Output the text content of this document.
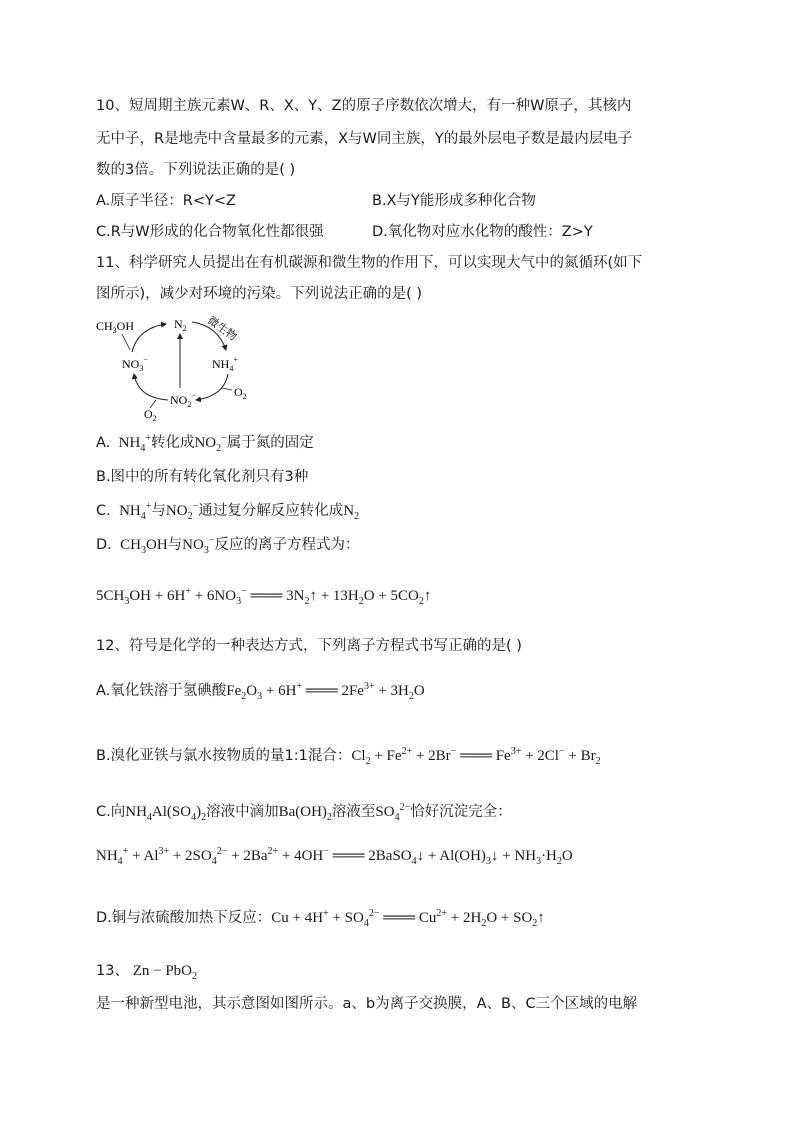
10、短周期主族元素W、R、X、Y、Z的原子序数依次增大，有一种W原子，其核内
无中子，R是地壳中含量最多的元素，X与W同主族，Y的最外层电子数是最内层电子
数的3倍。下列说法正确的是( )
A.原子半径：R<Y<Z	B.X与Y能形成多种化合物
C.R与W形成的化合物氧化性都很强	D.氧化物对应水化物的酸性：Z>Y
11、科学研究人员提出在有机碳源和微生物的作用下，可以实现大气中的氮循环(如下
图所示)，减少对环境的污染。下列说法正确的是( )
$CH_3OH$	$N_2$ 微生物
$NO_3^-$	$NH_4^+$
$NO_2^-$
$O_2$
$O_2$
A.  $NH_4^+$转化成$NO_2^-$属于氮的固定
B.图中的所有转化氧化剂只有3种
C.  $NH_4^+$与$NO_2^-$通过复分解反应转化成$N_2$
D.  $CH_3OH$与$NO_3^-$反应的离子方程式为：
$5CH_3OH + 6H^+ + 6NO_3^-$ ═══ $3N_2↑ + 13H_2O$ + $5CO_2↑$
12、符号是化学的一种表达方式，下列离子方程式书写正确的是( )
A.氧化铁溶于氢碘酸$Fe_2O_3 + 6H^+$ ═══ $2Fe^{3+} + 3H_2O$
B.溴化亚铁与氯水按物质的量1:1混合：$Cl_2 + Fe^{2+} + 2Br^-$ ═══ $Fe^{3+} + 2Cl^- + Br_2$
C.向$NH_4Al(SO_4)_2$溶液中滴加$Ba(OH)_2$溶液至$SO_4^{2-}$恰好沉淀完全：
$NH_4^+ + Al^{3+} + 2SO_4^{2-} + 2Ba^{2+} + 4OH^-$ ═══ 2BaSO$_4$↓ + $Al(OH)_3↓ + NH_3\cdot H_2O$
D.铜与浓硫酸加热下反应：$Cu + 4H^+ + SO_4^{2-}$ ═══ $Cu^{2+} + 2H_2O$ + $SO_2↑$
13、 Zn − PbO$_2$
是一种新型电池，其示意图如图所示。a、b为离子交换膜，A、B、C三个区域的电解
